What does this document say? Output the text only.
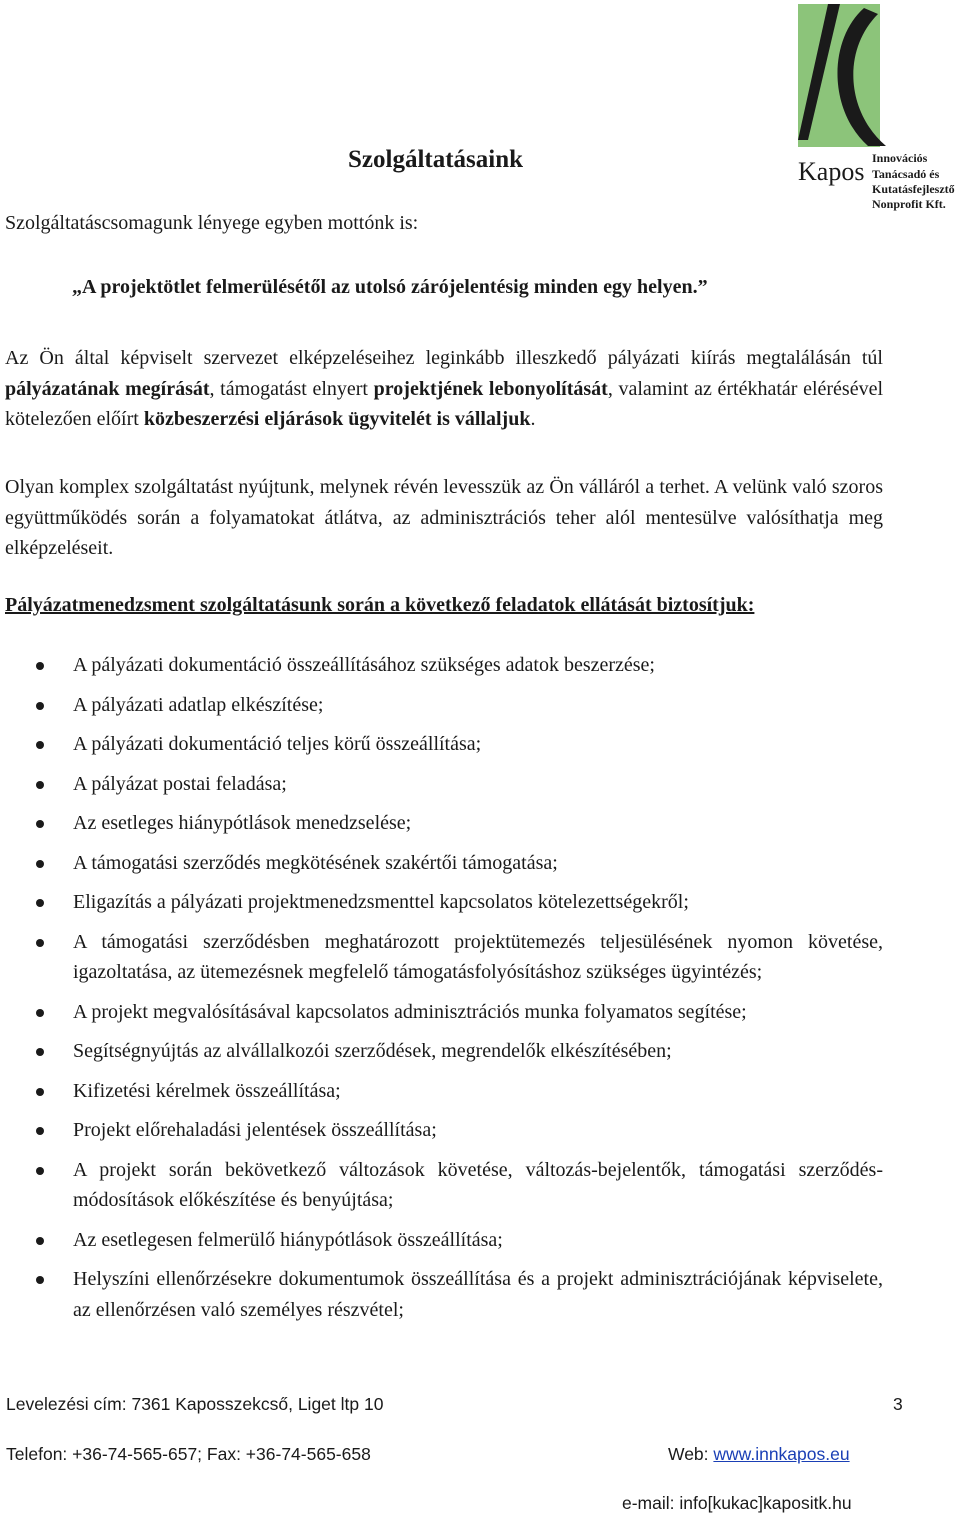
Kapos Innovációs
Tanácsadó és
Kutatásfejlesztő
Nonprofit Kft.
Szolgáltatásaink
Szolgáltatáscsomagunk lényege egyben mottónk is:
„A projektötlet felmerülésétől az utolsó zárójelentésig minden egy helyen.”

Az Ön által képviselt szervezet elképzeléseihez leginkább illeszkedő pályázati kiírás megtalálásán túl pályázatának megírását, támogatást elnyert projektjének lebonyolítását, valamint az értékhatár elérésével kötelezően előírt közbeszerzési eljárások ügyvitelét is vállaljuk.

Olyan komplex szolgáltatást nyújtunk, melynek révén levesszük az Ön válláról a terhet. A velünk való szoros együttműködés során a folyamatokat átlátva, az adminisztrációs teher alól mentesülve valósíthatja meg elképzeléseit.

Pályázatmenedzsment szolgáltatásunk során a következő feladatok ellátását biztosítjuk:
A pályázati dokumentáció összeállításához szükséges adatok beszerzése;
A pályázati adatlap elkészítése;
A pályázati dokumentáció teljes körű összeállítása;
A pályázat postai feladása;
Az esetleges hiánypótlások menedzselése;
A támogatási szerződés megkötésének szakértői támogatása;
Eligazítás a pályázati projektmenedzsmenttel kapcsolatos kötelezettségekről;
A támogatási szerződésben meghatározott projektütemezés teljesülésének nyomon követése, igazoltatása, az ütemezésnek megfelelő támogatásfolyósításhoz szükséges ügyintézés;
A projekt megvalósításával kapcsolatos adminisztrációs munka folyamatos segítése;
Segítségnyújtás az alvállalkozói szerződések, megrendelők elkészítésében;
Kifizetési kérelmek összeállítása;
Projekt előrehaladási jelentések összeállítása;
A projekt során bekövetkező változások követése, változás-bejelentők, támogatási szerződés-módosítások előkészítése és benyújtása;
Az esetlegesen felmerülő hiánypótlások összeállítása;
Helyszíni ellenőrzésekre dokumentumok összeállítása és a projekt adminisztrációjának képviselete, az ellenőrzésen való személyes részvétel;
Levelezési cím: 7361 Kaposszekcső, Liget ltp 10	3
Telefon: +36-74-565-657; Fax: +36-74-565-658	Web: www.innkapos.eu
e-mail: info[kukac]kapositk.hu
